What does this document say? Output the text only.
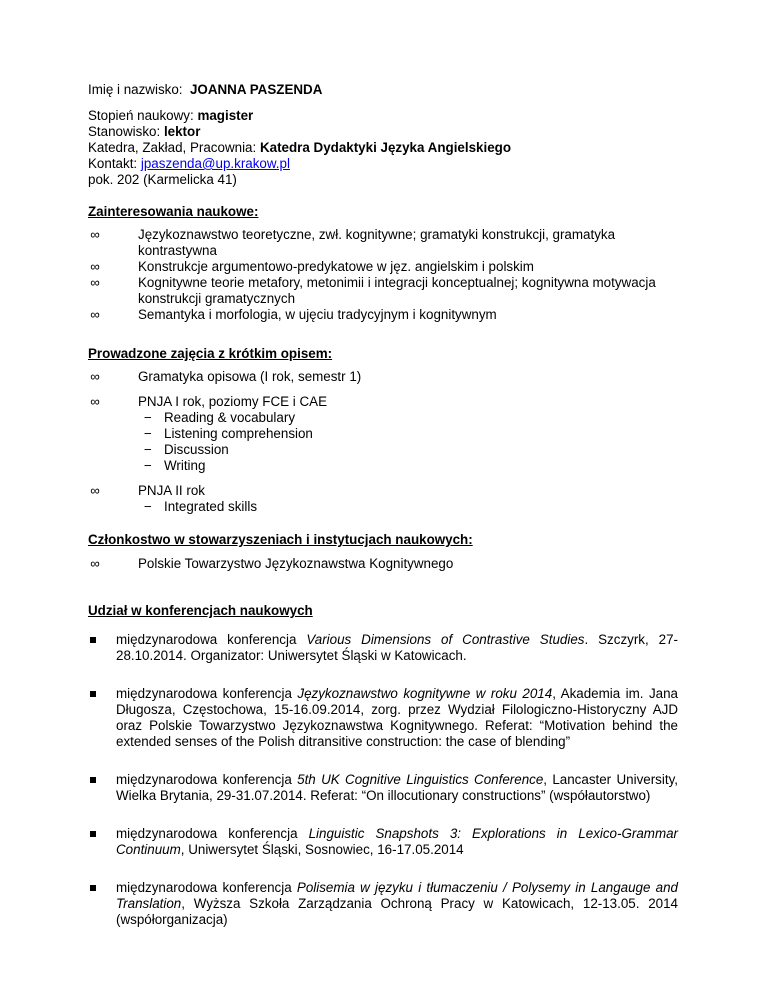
Imię i nazwisko: JOANNA PASZENDA

Stopień naukowy: magister

Stanowisko: lektor

Katedra, Zakład, Pracownia: Katedra Dydaktyki Języka Angielskiego

Kontakt: jpaszenda@up.krakow.pl

pok. 202 (Karmelicka 41)

Zainteresowania naukowe:

∞	Językoznawstwo teoretyczne, zwł. kognitywne; gramatyki konstrukcji, gramatyka kontrastywna
∞	Konstrukcje argumentowo-predykatowe w jęz. angielskim i polskim
∞	Kognitywne teorie metafory, metonimii i integracji konceptualnej; kognitywna motywacja konstrukcji gramatycznych
∞	Semantyka i morfologia, w ujęciu tradycyjnym i kognitywnym

Prowadzone zajęcia z krótkim opisem:

∞	Gramatyka opisowa (I rok, semestr 1)
∞	PNJA I rok, poziomy FCE i CAE
− Reading & vocabulary
− Listening comprehension
− Discussion
− Writing
∞	PNJA II rok
− Integrated skills

Członkostwo w stowarzyszeniach i instytucjach naukowych:

∞	Polskie Towarzystwo Językoznawstwa Kognitywnego

Udział w konferencjach naukowych

międzynarodowa konferencja Various Dimensions of Contrastive Studies. Szczyrk, 27-28.10.2014. Organizator: Uniwersytet Śląski w Katowicach.
międzynarodowa konferencja Językoznawstwo kognitywne w roku 2014, Akademia im. Jana Długosza, Częstochowa, 15-16.09.2014, zorg. przez Wydział Filologiczno-Historyczny AJD oraz Polskie Towarzystwo Językoznawstwa Kognitywnego. Referat: “Motivation behind the extended senses of the Polish ditransitive construction: the case of blending”
międzynarodowa konferencja 5th UK Cognitive Linguistics Conference, Lancaster University, Wielka Brytania, 29-31.07.2014. Referat: “On illocutionary constructions” (współautorstwo)
międzynarodowa konferencja Linguistic Snapshots 3: Explorations in Lexico-Grammar Continuum, Uniwersytet Śląski, Sosnowiec, 16-17.05.2014
międzynarodowa konferencja Polisemia w języku i tłumaczeniu / Polysemy in Langauge and Translation, Wyższa Szkoła Zarządzania Ochroną Pracy w Katowicach, 12-13.05. 2014 (współorganizacja)
